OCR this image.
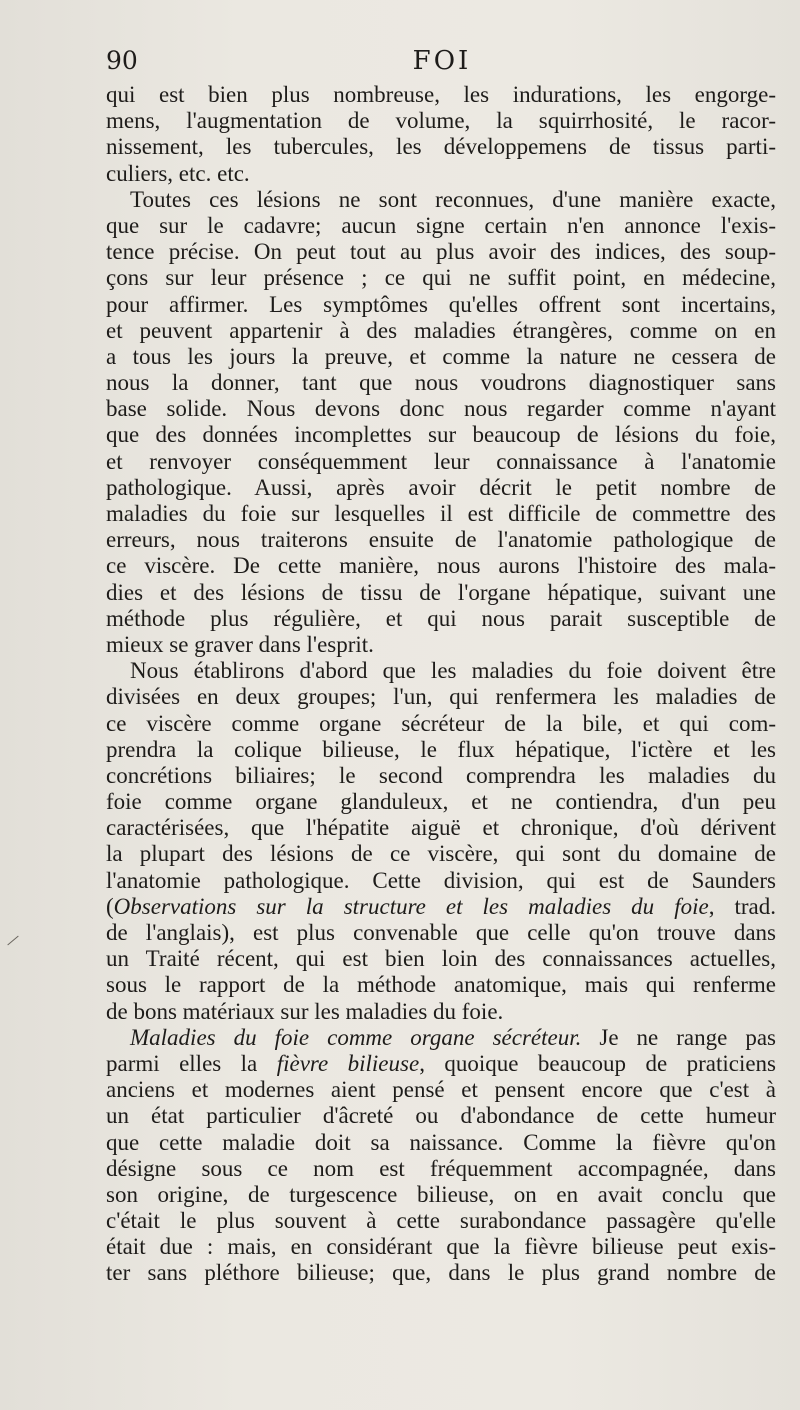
90	FOI
qui est bien plus nombreuse, les indurations, les engorge-
mens, l'augmentation de volume, la squirrhosité, le racor-
nissement, les tubercules, les développemens de tissus parti-
culiers, etc. etc.
Toutes ces lésions ne sont reconnues, d'une manière exacte,
que sur le cadavre; aucun signe certain n'en annonce l'exis-
tence précise. On peut tout au plus avoir des indices, des soup-
çons sur leur présence ; ce qui ne suffit point, en médecine,
pour affirmer. Les symptômes qu'elles offrent sont incertains,
et peuvent appartenir à des maladies étrangères, comme on en
a tous les jours la preuve, et comme la nature ne cessera de
nous la donner, tant que nous voudrons diagnostiquer sans
base solide. Nous devons donc nous regarder comme n'ayant
que des données incomplettes sur beaucoup de lésions du foie,
et renvoyer conséquemment leur connaissance à l'anatomie
pathologique. Aussi, après avoir décrit le petit nombre de
maladies du foie sur lesquelles il est difficile de commettre des
erreurs, nous traiterons ensuite de l'anatomie pathologique de
ce viscère. De cette manière, nous aurons l'histoire des mala-
dies et des lésions de tissu de l'organe hépatique, suivant une
méthode plus régulière, et qui nous parait susceptible de
mieux se graver dans l'esprit.
Nous établirons d'abord que les maladies du foie doivent être
divisées en deux groupes; l'un, qui renfermera les maladies de
ce viscère comme organe sécréteur de la bile, et qui com-
prendra la colique bilieuse, le flux hépatique, l'ictère et les
concrétions biliaires; le second comprendra les maladies du
foie comme organe glanduleux, et ne contiendra, d'un peu
caractérisées, que l'hépatite aiguë et chronique, d'où dérivent
la plupart des lésions de ce viscère, qui sont du domaine de
l'anatomie pathologique. Cette division, qui est de Saunders
(Observations sur la structure et les maladies du foie, trad.
de l'anglais), est plus convenable que celle qu'on trouve dans
un Traité récent, qui est bien loin des connaissances actuelles,
sous le rapport de la méthode anatomique, mais qui renferme
de bons matériaux sur les maladies du foie.
Maladies du foie comme organe sécréteur. Je ne range pas
parmi elles la fièvre bilieuse, quoique beaucoup de praticiens
anciens et modernes aient pensé et pensent encore que c'est à
un état particulier d'âcreté ou d'abondance de cette humeur
que cette maladie doit sa naissance. Comme la fièvre qu'on
désigne sous ce nom est fréquemment accompagnée, dans
son origine, de turgescence bilieuse, on en avait conclu que
c'était le plus souvent à cette surabondance passagère qu'elle
était due : mais, en considérant que la fièvre bilieuse peut exis-
ter sans pléthore bilieuse; que, dans le plus grand nombre de
